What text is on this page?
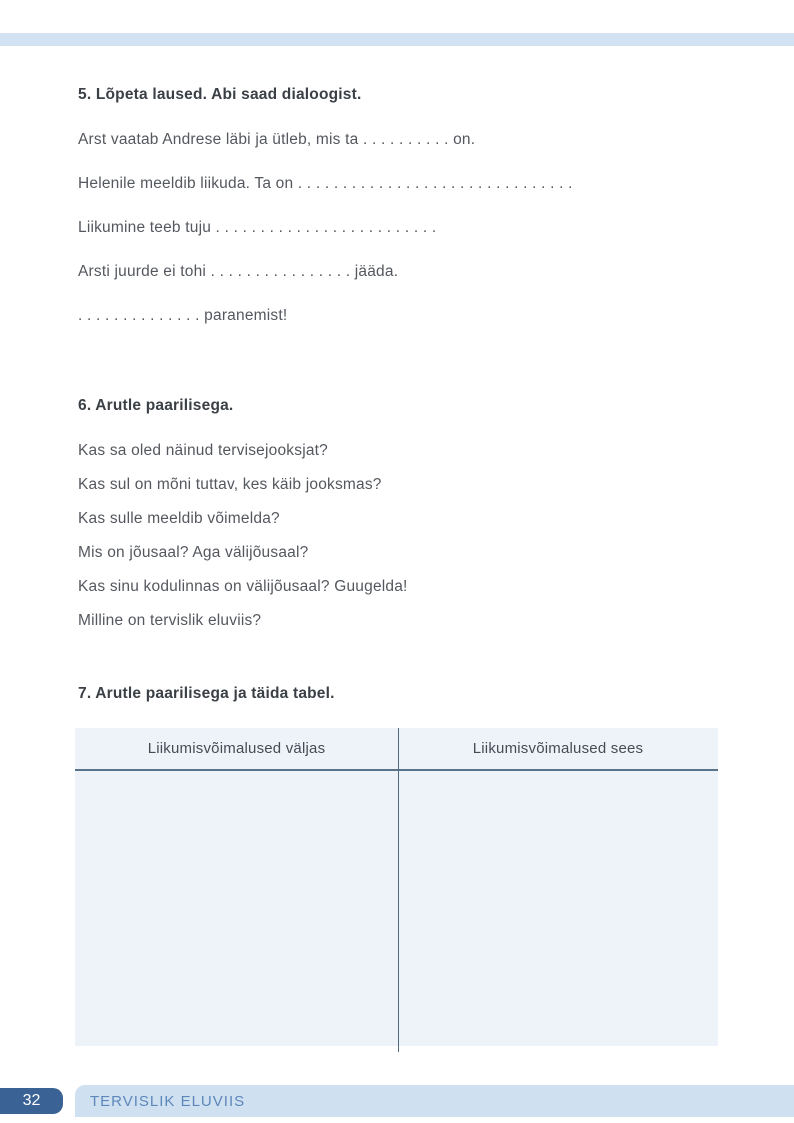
5. Lõpeta laused. Abi saad dialoogist.

Arst vaatab Andrese läbi ja ütleb, mis ta . . . . . . . . . . on.
Helenile meeldib liikuda. Ta on . . . . . . . . . . . . . . . . . . . . . . . . . . . . . . .
Liikumine teeb tuju . . . . . . . . . . . . . . . . . . . . . . . . .
Arsti juurde ei tohi . . . . . . . . . . . . . . . . jääda.
. . . . . . . . . . . . . . paranemist!

6. Arutle paarilisega.

Kas sa oled näinud tervisejooksjat?
Kas sul on mõni tuttav, kes käib jooksmas?
Kas sulle meeldib võimelda?
Mis on jõusaal? Aga välijõusaal?
Kas sinu kodulinnas on välijõusaal? Guugelda!
Milline on tervislik eluviis?

7. Arutle paarilisega ja täida tabel.

Liikumisvõimalused väljas	Liikumisvõimalused sees
TERVISLIK ELUVIIS
32
